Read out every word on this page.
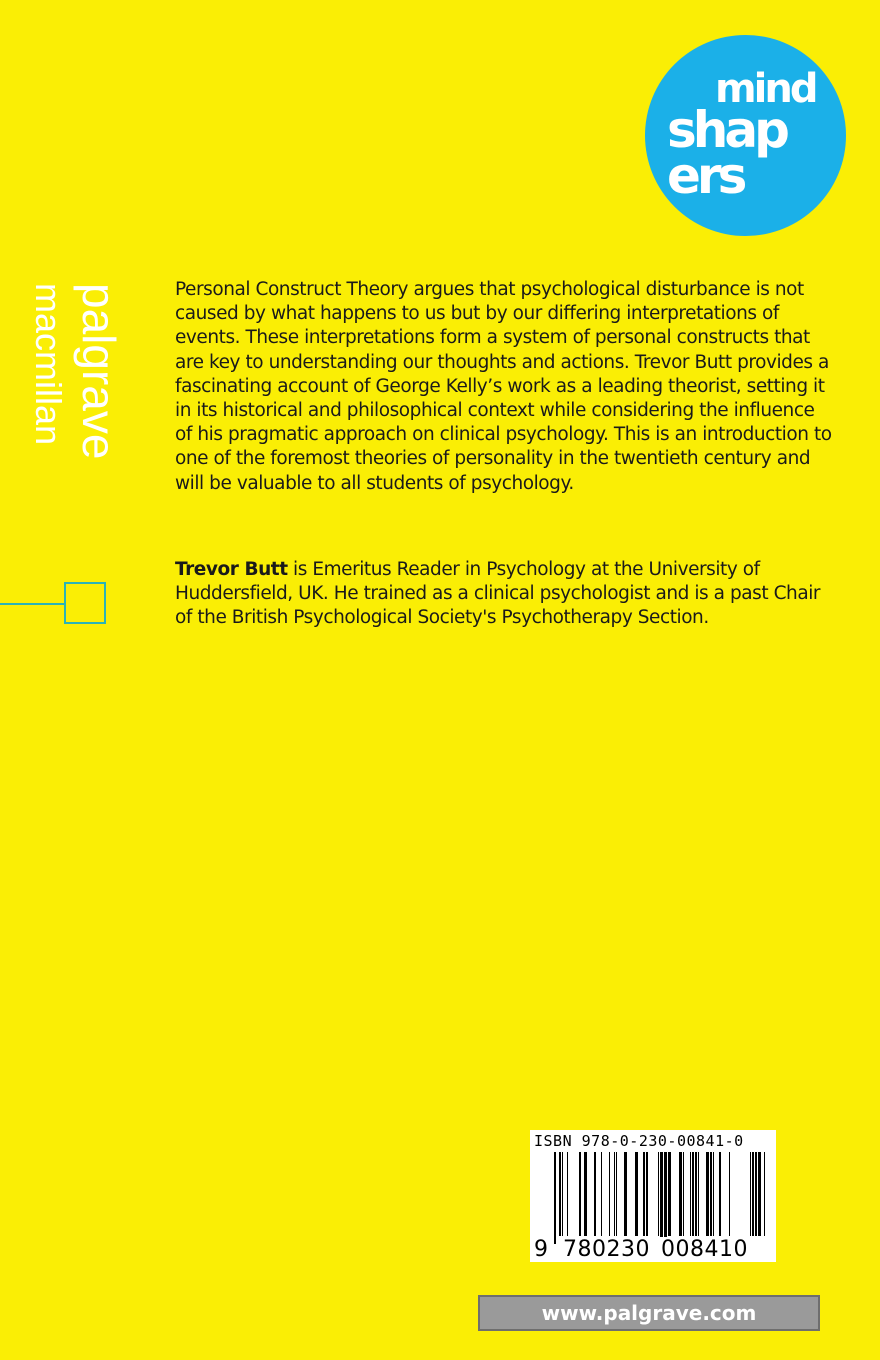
mind
shap
ers
palgrave
macmillan	Personal Construct Theory argues that psychological disturbance is not caused by what happens to us but by our differing interpretations of events. These interpretations form a system of personal constructs that are key to understanding our thoughts and actions. Trevor Butt provides a fascinating account of George Kelly’s work as a leading theorist, setting it in its historical and philosophical context while considering the influence of his pragmatic approach on clinical psychology. This is an introduction to one of the foremost theories of personality in the twentieth century and will be valuable to all students of psychology.

Trevor Butt is Emeritus Reader in Psychology at the University of Huddersfield, UK. He trained as a clinical psychologist and is a past Chair of the British Psychological Society's Psychotherapy Section.

ISBN 978-0-230-00841-0
9 780230 008410
www.palgrave.com
